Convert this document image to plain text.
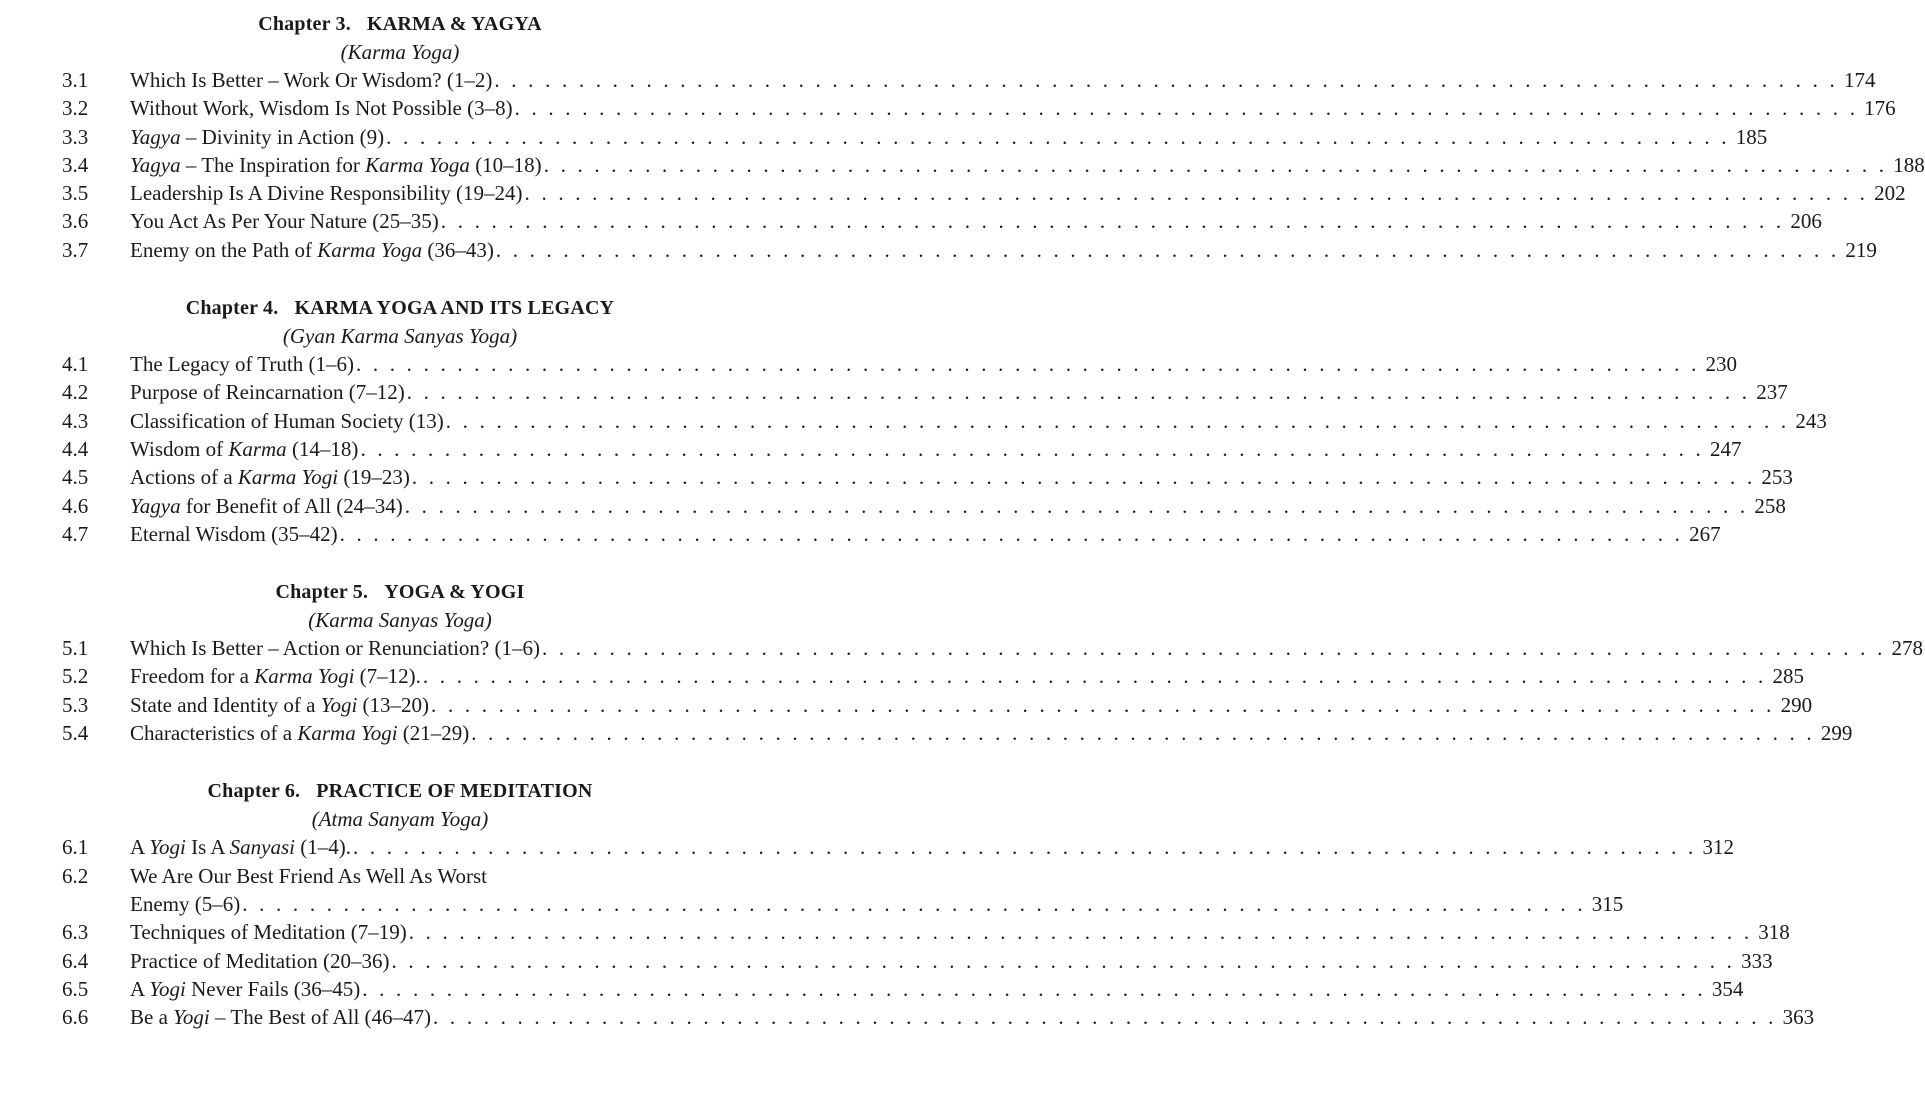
Chapter 3. KARMA & YAGYA
(Karma Yoga)
3.1	Which Is Better – Work Or Wisdom? (1–2) . . . . . . . . . . . . . . . . . . . . . . . . . . . . . . . . . . . . . . . . . . . . . . . . . . . . . . . . . . . . . . . . . . . . . . . . . . . . . . . . 174
3.2	Without Work, Wisdom Is Not Possible (3–8) . . . . . . . . . . . . . . . . . . . . . . . . . . . . . . . . . . . . . . . . . . . . . . . . . . . . . . . . . . . . . . . . . . . . . . . . . . . . . . . . 176
3.3	Yagya – Divinity in Action (9) . . . . . . . . . . . . . . . . . . . . . . . . . . . . . . . . . . . . . . . . . . . . . . . . . . . . . . . . . . . . . . . . . . . . . . . . . . . . . . . . 185
3.4	Yagya – The Inspiration for Karma Yoga (10–18) . . . . . . . . . . . . . . . . . . . . . . . . . . . . . . . . . . . . . . . . . . . . . . . . . . . . . . . . . . . . . . . . . . . . . . . . . . . . . . . . 188
3.5	Leadership Is A Divine Responsibility (19–24) . . . . . . . . . . . . . . . . . . . . . . . . . . . . . . . . . . . . . . . . . . . . . . . . . . . . . . . . . . . . . . . . . . . . . . . . . . . . . . . . 202
3.6	You Act As Per Your Nature (25–35) . . . . . . . . . . . . . . . . . . . . . . . . . . . . . . . . . . . . . . . . . . . . . . . . . . . . . . . . . . . . . . . . . . . . . . . . . . . . . . . . 206
3.7	Enemy on the Path of Karma Yoga (36–43) . . . . . . . . . . . . . . . . . . . . . . . . . . . . . . . . . . . . . . . . . . . . . . . . . . . . . . . . . . . . . . . . . . . . . . . . . . . . . . . . 219
Chapter 4. KARMA YOGA AND ITS LEGACY
(Gyan Karma Sanyas Yoga)
4.1	The Legacy of Truth (1–6) . . . . . . . . . . . . . . . . . . . . . . . . . . . . . . . . . . . . . . . . . . . . . . . . . . . . . . . . . . . . . . . . . . . . . . . . . . . . . . . . 230
4.2	Purpose of Reincarnation (7–12) . . . . . . . . . . . . . . . . . . . . . . . . . . . . . . . . . . . . . . . . . . . . . . . . . . . . . . . . . . . . . . . . . . . . . . . . . . . . . . . . 237
4.3	Classification of Human Society (13) . . . . . . . . . . . . . . . . . . . . . . . . . . . . . . . . . . . . . . . . . . . . . . . . . . . . . . . . . . . . . . . . . . . . . . . . . . . . . . . . 243
4.4	Wisdom of Karma (14–18) . . . . . . . . . . . . . . . . . . . . . . . . . . . . . . . . . . . . . . . . . . . . . . . . . . . . . . . . . . . . . . . . . . . . . . . . . . . . . . . . 247
4.5	Actions of a Karma Yogi (19–23) . . . . . . . . . . . . . . . . . . . . . . . . . . . . . . . . . . . . . . . . . . . . . . . . . . . . . . . . . . . . . . . . . . . . . . . . . . . . . . . . 253
4.6	Yagya for Benefit of All (24–34) . . . . . . . . . . . . . . . . . . . . . . . . . . . . . . . . . . . . . . . . . . . . . . . . . . . . . . . . . . . . . . . . . . . . . . . . . . . . . . . . 258
4.7	Eternal Wisdom (35–42) . . . . . . . . . . . . . . . . . . . . . . . . . . . . . . . . . . . . . . . . . . . . . . . . . . . . . . . . . . . . . . . . . . . . . . . . . . . . . . . . 267
Chapter 5. YOGA & YOGI
(Karma Sanyas Yoga)
5.1	Which Is Better – Action or Renunciation? (1–6) . . . . . . . . . . . . . . . . . . . . . . . . . . . . . . . . . . . . . . . . . . . . . . . . . . . . . . . . . . . . . . . . . . . . . . . . . . . . . . . . 278
5.2	Freedom for a Karma Yogi (7–12). . . . . . . . . . . . . . . . . . . . . . . . . . . . . . . . . . . . . . . . . . . . . . . . . . . . . . . . . . . . . . . . . . . . . . . . . . . . . . . . . 285
5.3	State and Identity of a Yogi (13–20) . . . . . . . . . . . . . . . . . . . . . . . . . . . . . . . . . . . . . . . . . . . . . . . . . . . . . . . . . . . . . . . . . . . . . . . . . . . . . . . . 290
5.4	Characteristics of a Karma Yogi (21–29) . . . . . . . . . . . . . . . . . . . . . . . . . . . . . . . . . . . . . . . . . . . . . . . . . . . . . . . . . . . . . . . . . . . . . . . . . . . . . . . . 299
Chapter 6. PRACTICE OF MEDITATION
(Atma Sanyam Yoga)
6.1	A Yogi Is A Sanyasi (1–4). . . . . . . . . . . . . . . . . . . . . . . . . . . . . . . . . . . . . . . . . . . . . . . . . . . . . . . . . . . . . . . . . . . . . . . . . . . . . . . . . 312
6.2	We Are Our Best Friend As Well As Worst
Enemy (5–6) . . . . . . . . . . . . . . . . . . . . . . . . . . . . . . . . . . . . . . . . . . . . . . . . . . . . . . . . . . . . . . . . . . . . . . . . . . . . . . . . 315
6.3	Techniques of Meditation (7–19) . . . . . . . . . . . . . . . . . . . . . . . . . . . . . . . . . . . . . . . . . . . . . . . . . . . . . . . . . . . . . . . . . . . . . . . . . . . . . . . . 318
6.4	Practice of Meditation (20–36) . . . . . . . . . . . . . . . . . . . . . . . . . . . . . . . . . . . . . . . . . . . . . . . . . . . . . . . . . . . . . . . . . . . . . . . . . . . . . . . . 333
6.5	A Yogi Never Fails (36–45) . . . . . . . . . . . . . . . . . . . . . . . . . . . . . . . . . . . . . . . . . . . . . . . . . . . . . . . . . . . . . . . . . . . . . . . . . . . . . . . . 354
6.6	Be a Yogi – The Best of All (46–47) . . . . . . . . . . . . . . . . . . . . . . . . . . . . . . . . . . . . . . . . . . . . . . . . . . . . . . . . . . . . . . . . . . . . . . . . . . . . . . . . 363
